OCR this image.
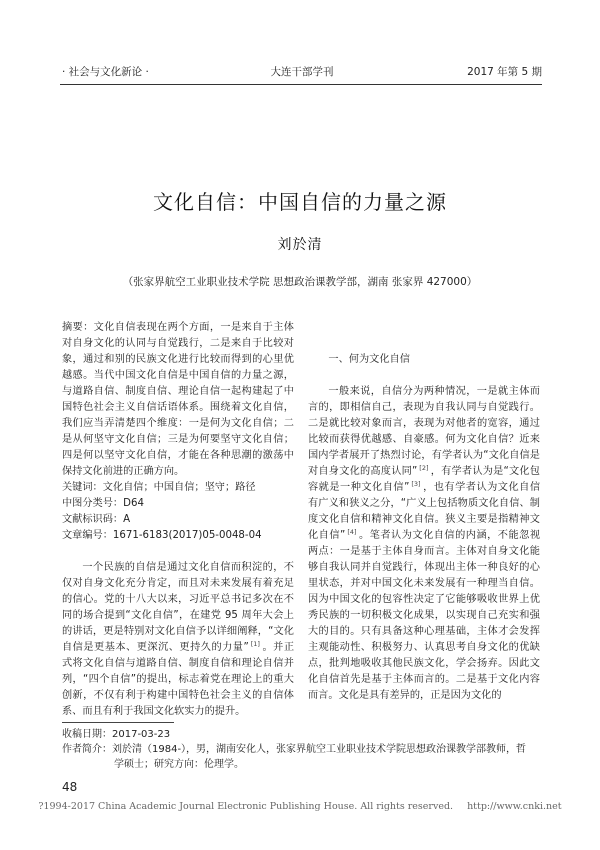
· 社会与文化新论 ·	大连干部学刊	2017 年第 5 期
文化自信：中国自信的力量之源
刘於清
（张家界航空工业职业技术学院 思想政治课教学部，湖南 张家界 427000）

摘要：文化自信表现在两个方面，一是来自于主体对自身文化的认同与自觉践行，二是来自于比较对象，通过和别的民族文化进行比较而得到的心里优越感。当代中国文化自信是中国自信的力量之源，与道路自信、制度自信、理论自信一起构建起了中国特色社会主义自信话语体系。围绕着文化自信，我们应当弄清楚四个维度：一是何为文化自信；二是从何坚守文化自信；三是为何要坚守文化自信；四是何以坚守文化自信，才能在各种思潮的激荡中保持文化前进的正确方向。

关键词：文化自信；中国自信；坚守；路径

中图分类号：D64

文献标识码：A

文章编号：1671-6183(2017)05-0048-04

一个民族的自信是通过文化自信而积淀的，不仅对自身文化充分肯定，而且对未来发展有着充足的信心。党的十八大以来，习近平总书记多次在不同的场合提到“文化自信”，在建党 95 周年大会上的讲话，更是特别对文化自信予以详细阐释，“文化自信是更基本、更深沉、更持久的力量” [1] 。并正式将文化自信与道路自信、制度自信和理论自信并列，“四个自信”的提出，标志着党在理论上的重大创新，不仅有利于构建中国特色社会主义的自信体系、而且有利于我国文化软实力的提升。

一、何为文化自信

一般来说，自信分为两种情况，一是就主体而言的，即相信自己，表现为自我认同与自觉践行。二是就比较对象而言，表现为对他者的宽容，通过比较而获得优越感、自豪感。何为文化自信？近来国内学者展开了热烈讨论，有学者认为“文化自信是对自身文化的高度认同” [2] ，有学者认为是“文化包容就是一种文化自信” [3] ，也有学者认为文化自信有广义和狭义之分，“广义上包括物质文化自信、制度文化自信和精神文化自信。狭义主要是指精神文化自信” [4] 。笔者认为文化自信的内涵，不能忽视两点：一是基于主体自身而言。主体对自身文化能够自我认同并自觉践行，体现出主体一种良好的心里状态，并对中国文化未来发展有一种理当自信。因为中国文化的包容性决定了它能够吸收世界上优秀民族的一切积极文化成果，以实现自己充实和强大的目的。只有具备这种心理基础，主体才会发挥主观能动性、积极努力、认真思考自身文化的优缺点，批判地吸收其他民族文化，学会扬弃。因此文化自信首先是基于主体而言的。二是基于文化内容而言。文化是具有差异的，正是因为文化的

收稿日期：2017-03-23

作者简介：刘於清（1984-），男，湖南安化人，张家界航空工业职业技术学院思想政治课教学部教师，哲

学硕士；研究方向：伦理学。

48
?1994-2017 China Academic Journal Electronic Publishing House. All rights reserved. http://www.cnki.net
